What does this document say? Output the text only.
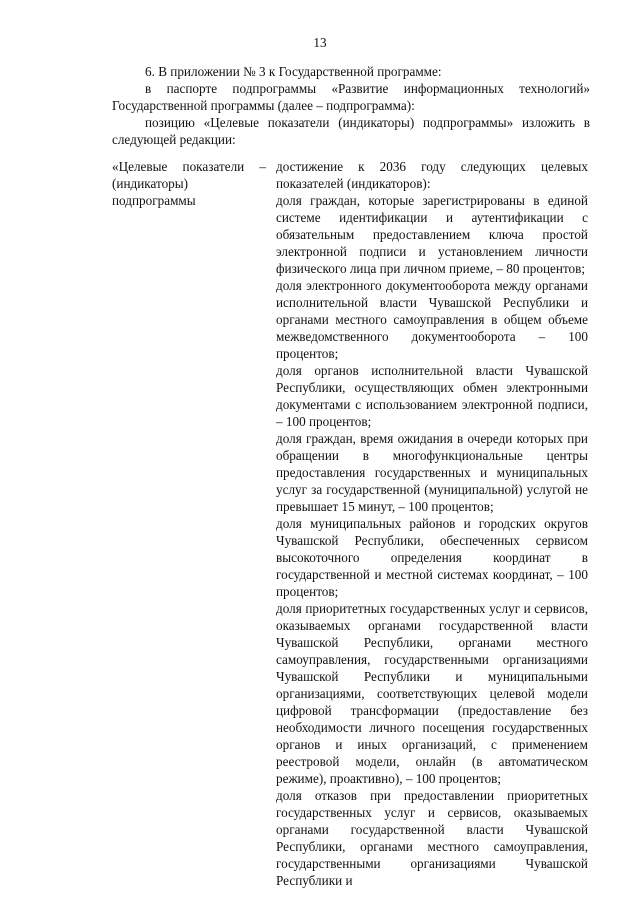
13

6. В приложении № 3 к Государственной программе:

в паспорте подпрограммы «Развитие информационных технологий» Государственной программы (далее – подпрограмма):

позицию «Целевые показатели (индикаторы) подпрограммы» изложить в следующей редакции:

«Целевые показатели – (индикаторы) подпрограммы

достижение к 2036 году следующих целевых показателей (индикаторов):

доля граждан, которые зарегистрированы в единой системе идентификации и аутентификации с обязательным предоставлением ключа простой электронной подписи и установлением личности физического лица при личном приеме, – 80 процентов;

доля электронного документооборота между органами исполнительной власти Чувашской Республики и органами местного самоуправления в общем объеме межведомственного документооборота – 100 процентов;

доля органов исполнительной власти Чувашской Республики, осуществляющих обмен электронными документами с использованием электронной подписи, – 100 процентов;

доля граждан, время ожидания в очереди которых при обращении в многофункциональные центры предоставления государственных и муниципальных услуг за государственной (муниципальной) услугой не превышает 15 минут, – 100 процентов;

доля муниципальных районов и городских округов Чувашской Республики, обеспеченных сервисом высокоточного определения координат в государственной и местной системах координат, – 100 процентов;

доля приоритетных государственных услуг и сервисов, оказываемых органами государственной власти Чувашской Республики, органами местного самоуправления, государственными организациями Чувашской Республики и муниципальными организациями, соответствующих целевой модели цифровой трансформации (предоставление без необходимости личного посещения государственных органов и иных организаций, с применением реестровой модели, онлайн (в автоматическом режиме), проактивно), – 100 процентов;

доля отказов при предоставлении приоритетных государственных услуг и сервисов, оказываемых органами государственной власти Чувашской Республики, органами местного самоуправления, государственными организациями Чувашской Республики и
